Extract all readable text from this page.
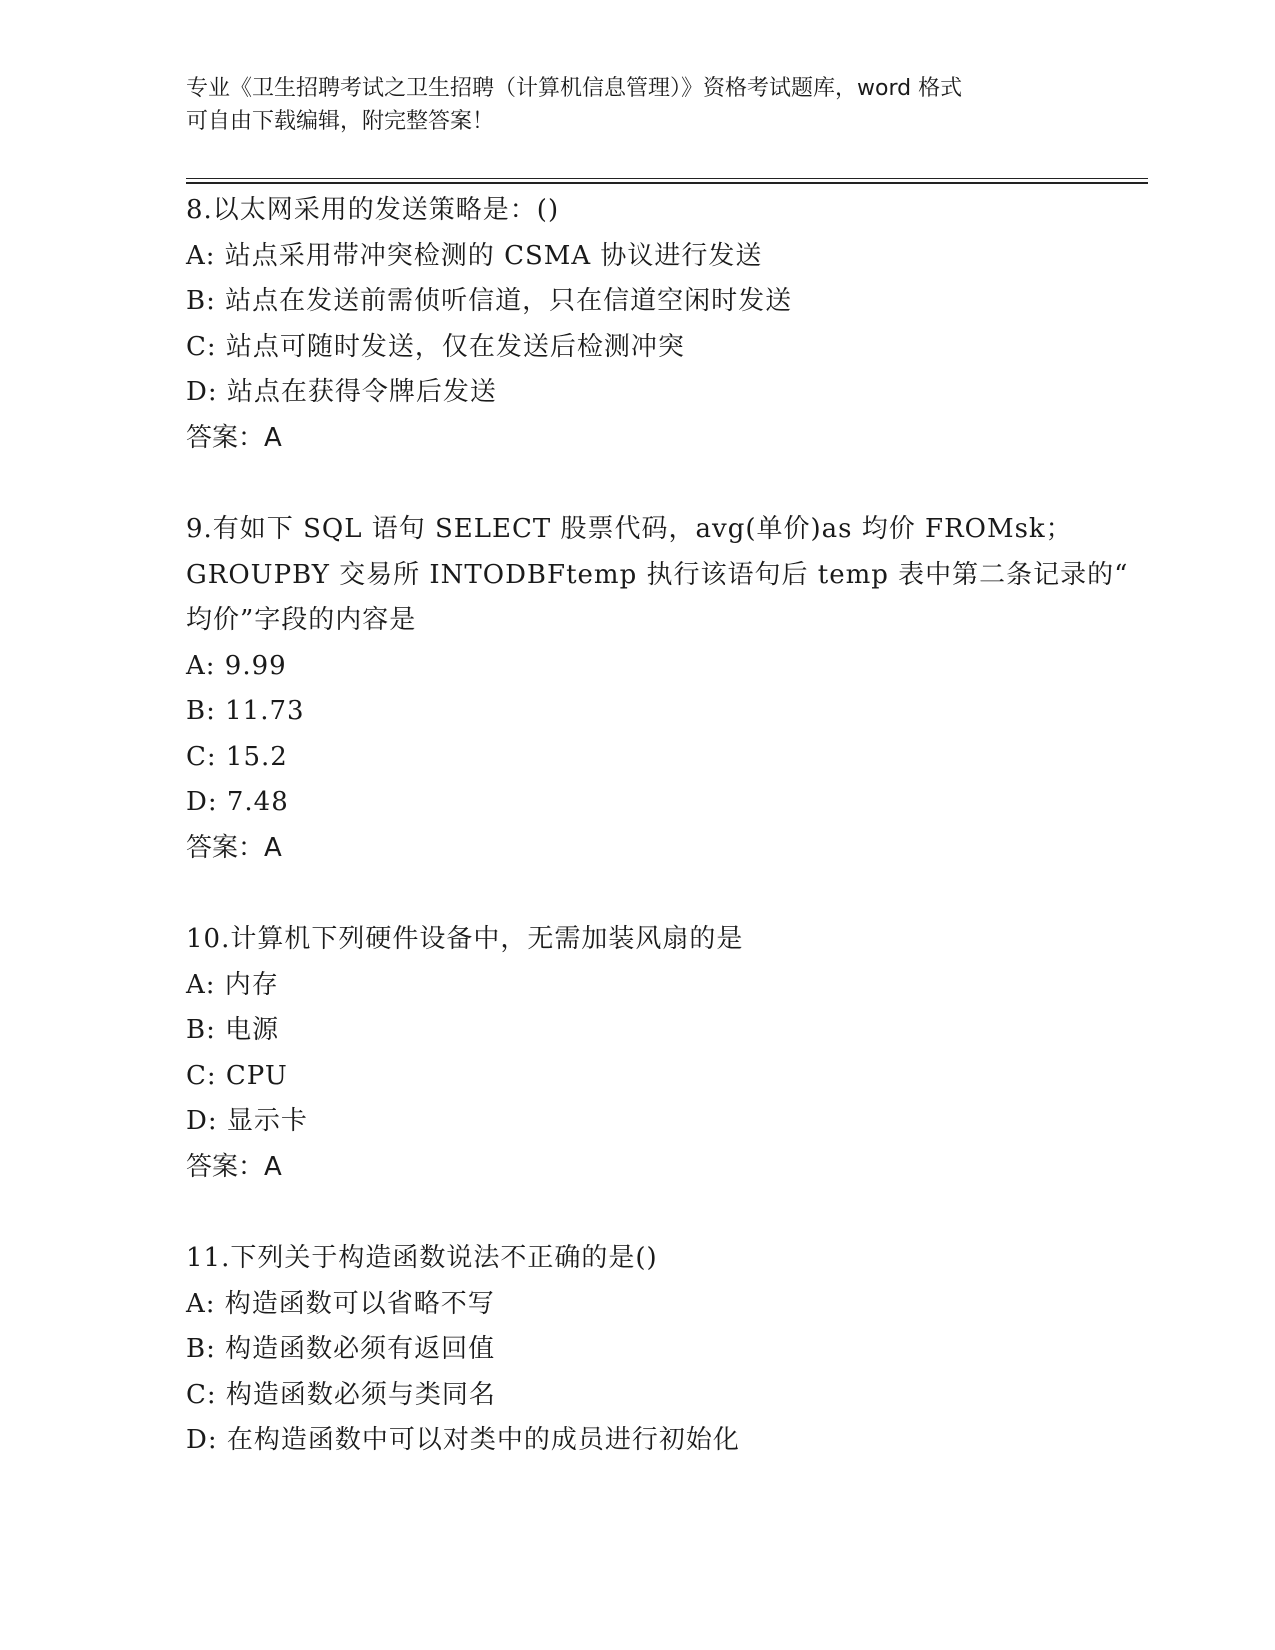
专业《卫生招聘考试之卫生招聘（计算机信息管理）》资格考试题库，word 格式
可自由下载编辑，附完整答案！
8.以太网采用的发送策略是：()
A: 站点采用带冲突检测的 CSMA 协议进行发送
B: 站点在发送前需侦听信道，只在信道空闲时发送
C: 站点可随时发送，仅在发送后检测冲突
D: 站点在获得令牌后发送
答案：A
9.有如下 SQL 语句 SELECT 股票代码，avg(单价)as 均价 FROMsk；
GROUPBY 交易所 INTODBFtemp 执行该语句后 temp 表中第二条记录的“
均价”字段的内容是
A: 9.99
B: 11.73
C: 15.2
D: 7.48
答案：A
10.计算机下列硬件设备中，无需加装风扇的是
A: 内存
B: 电源
C: CPU
D: 显示卡
答案：A
11.下列关于构造函数说法不正确的是()
A: 构造函数可以省略不写
B: 构造函数必须有返回值
C: 构造函数必须与类同名
D: 在构造函数中可以对类中的成员进行初始化
